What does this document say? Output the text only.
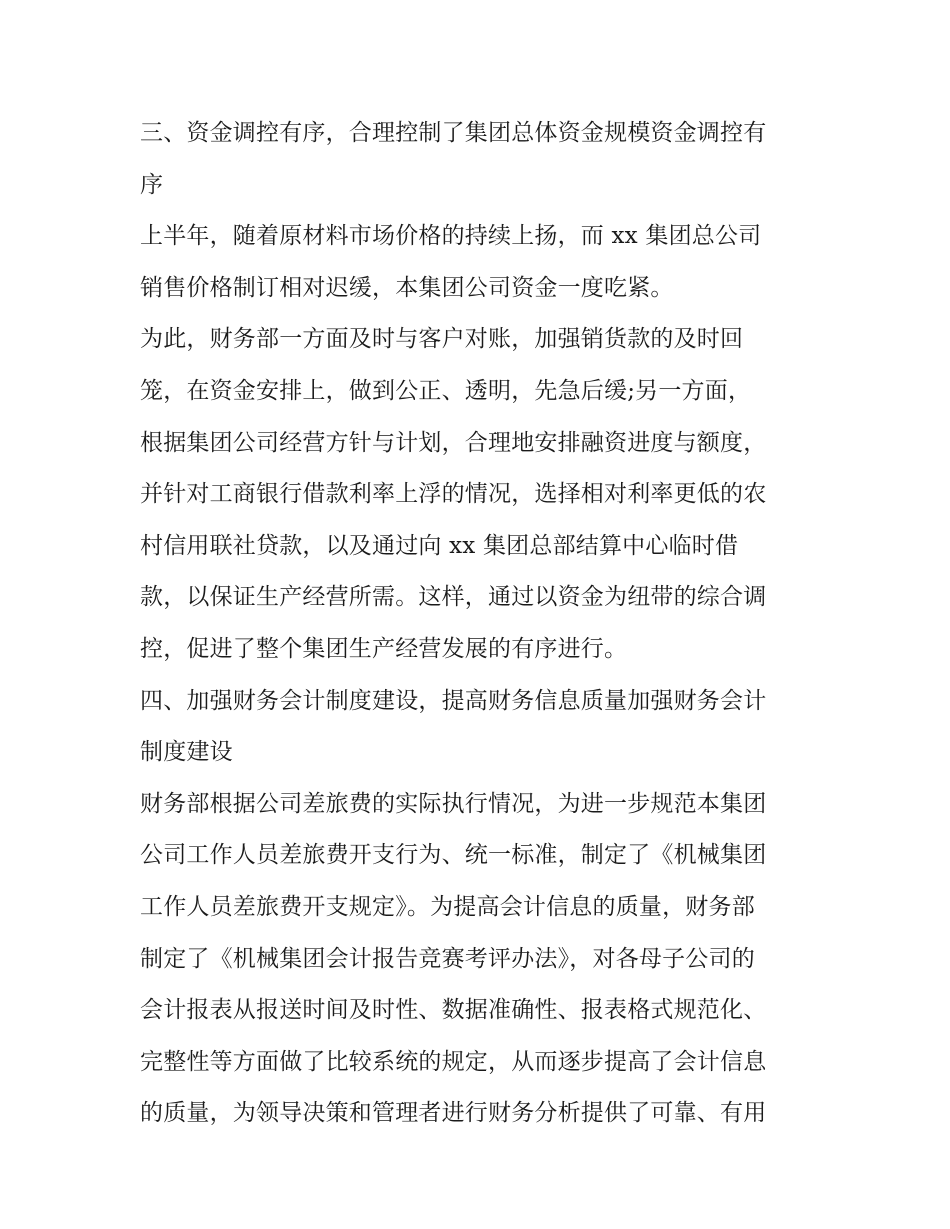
三、资金调控有序，合理控制了集团总体资金规模资金调控有
序
上半年，随着原材料市场价格的持续上扬，而 xx 集团总公司
销售价格制订相对迟缓，本集团公司资金一度吃紧。
为此，财务部一方面及时与客户对账，加强销货款的及时回
笼，在资金安排上，做到公正、透明，先急后缓;另一方面，
根据集团公司经营方针与计划，合理地安排融资进度与额度，
并针对工商银行借款利率上浮的情况，选择相对利率更低的农
村信用联社贷款，以及通过向 xx 集团总部结算中心临时借
款，以保证生产经营所需。这样，通过以资金为纽带的综合调
控，促进了整个集团生产经营发展的有序进行。
四、加强财务会计制度建设，提高财务信息质量加强财务会计
制度建设
财务部根据公司差旅费的实际执行情况，为进一步规范本集团
公司工作人员差旅费开支行为、统一标准，制定了《机械集团
工作人员差旅费开支规定》。为提高会计信息的质量，财务部
制定了《机械集团会计报告竞赛考评办法》，对各母子公司的
会计报表从报送时间及时性、数据准确性、报表格式规范化、
完整性等方面做了比较系统的规定，从而逐步提高了会计信息
的质量，为领导决策和管理者进行财务分析提供了可靠、有用
